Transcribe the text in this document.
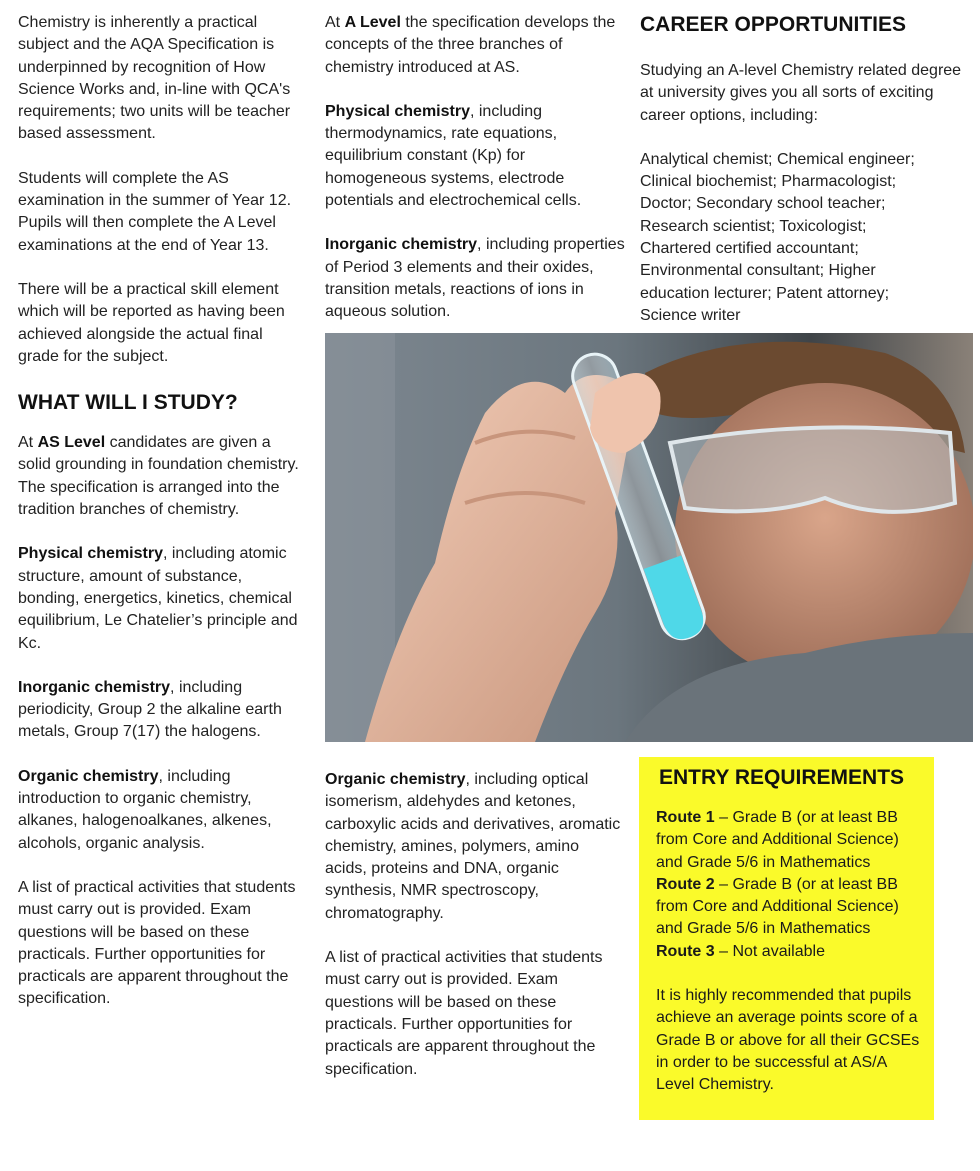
Chemistry is inherently a practical subject and the AQA Specification is underpinned by recognition of How Science Works and, in-line with QCA's requirements; two units will be teacher based assessment.

Students will complete the AS examination in the summer of Year 12. Pupils will then complete the A Level examinations at the end of Year 13.

There will be a practical skill element which will be reported as having been achieved alongside the actual final grade for the subject.

WHAT WILL I STUDY?

At AS Level candidates are given a solid grounding in foundation chemistry. The specification is arranged into the tradition branches of chemistry.

Physical chemistry, including atomic structure, amount of substance, bonding, energetics, kinetics, chemical equilibrium, Le Chatelier’s principle and Kc.

Inorganic chemistry, including periodicity, Group 2 the alkaline earth metals, Group 7(17) the halogens.

Organic chemistry, including introduction to organic chemistry, alkanes, halogenoalkanes, alkenes, alcohols, organic analysis.

A list of practical activities that students must carry out is provided. Exam questions will be based on these practicals. Further opportunities for practicals are apparent throughout the specification.

At A Level the specification develops the concepts of the three branches of chemistry introduced at AS.

Physical chemistry, including thermodynamics, rate equations, equilibrium constant (Kp) for homogeneous systems, electrode potentials and electrochemical cells.

Inorganic chemistry, including properties of Period 3 elements and their oxides, transition metals, reactions of ions in aqueous solution.

CAREER OPPORTUNITIES

Studying an A-level Chemistry related degree at university gives you all sorts of exciting career options, including:

Analytical chemist; Chemical engineer;
Clinical biochemist; Pharmacologist;
Doctor; Secondary school teacher;
Research scientist; Toxicologist;
Chartered certified accountant;
Environmental consultant; Higher
education lecturer; Patent attorney;
Science writer

Organic chemistry, including optical isomerism, aldehydes and ketones, carboxylic acids and derivatives, aromatic chemistry, amines, polymers, amino acids, proteins and DNA, organic synthesis, NMR spectroscopy, chromatography.

A list of practical activities that students must carry out is provided. Exam questions will be based on these practicals. Further opportunities for practicals are apparent throughout the specification.

ENTRY REQUIREMENTS

Route 1 – Grade B (or at least BB from Core and Additional Science) and Grade 5/6 in Mathematics

Route 2 – Grade B (or at least BB from Core and Additional Science) and Grade 5/6 in Mathematics

Route 3 – Not available

It is highly recommended that pupils achieve an average points score of a Grade B or above for all their GCSEs in order to be successful at AS/A Level Chemistry.
